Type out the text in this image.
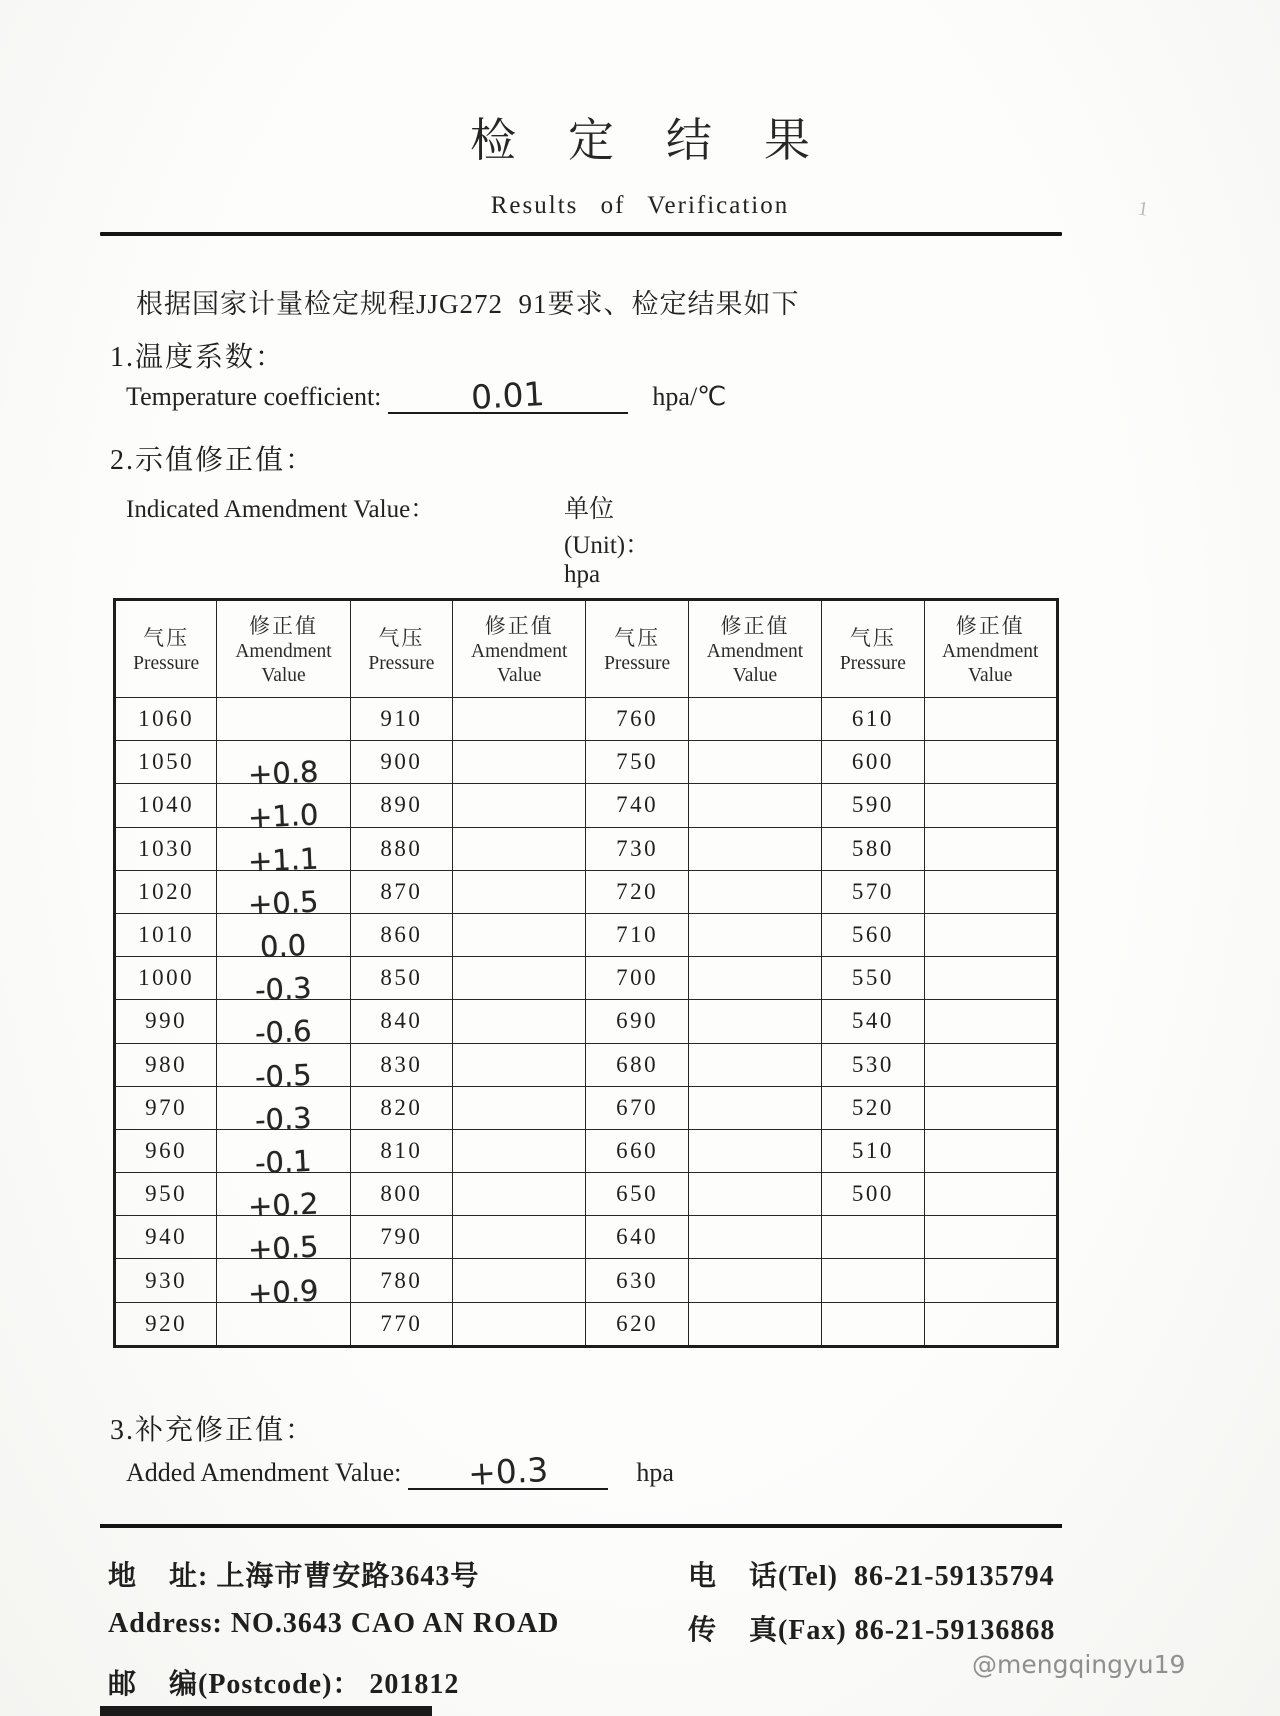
检定结果
Results of Verification	1
根据国家计量检定规程JJG272  91要求、检定结果如下
1.温度系数：
Temperature coefficient:	0.01	hpa/℃
2.示值修正值：
Indicated Amendment Value：	单位(Unit)：hpa
气压
Pressure

修正值
Amendment
Value

气压
Pressure

修正值
Amendment
Value

气压
Pressure

修正值
Amendment
Value

气压
Pressure

修正值
Amendment
Value

1060		910		760		610	
1050	+0.8	900		750		600	
1040	+1.0	890		740		590	
1030	+1.1	880		730		580	
1020	+0.5	870		720		570	
1010	0.0	860		710		560	
1000	-0.3	850		700		550	
990	-0.6	840		690		540	
980	-0.5	830		680		530	
970	-0.3	820		670		520	
960	-0.1	810		660		510	
950	+0.2	800		650		500	
940	+0.5	790		640			
930	+0.9	780		630			
920		770		620			
3.补充修正值：
Added Amendment Value: +0.3	hpa
地    址: 上海市曹安路3643号	电    话(Tel)  86-21-59135794
Address: NO.3643 CAO AN ROAD	传    真(Fax) 86-21-59136868
邮    编(Postcode)： 201812
@mengqingyu19
